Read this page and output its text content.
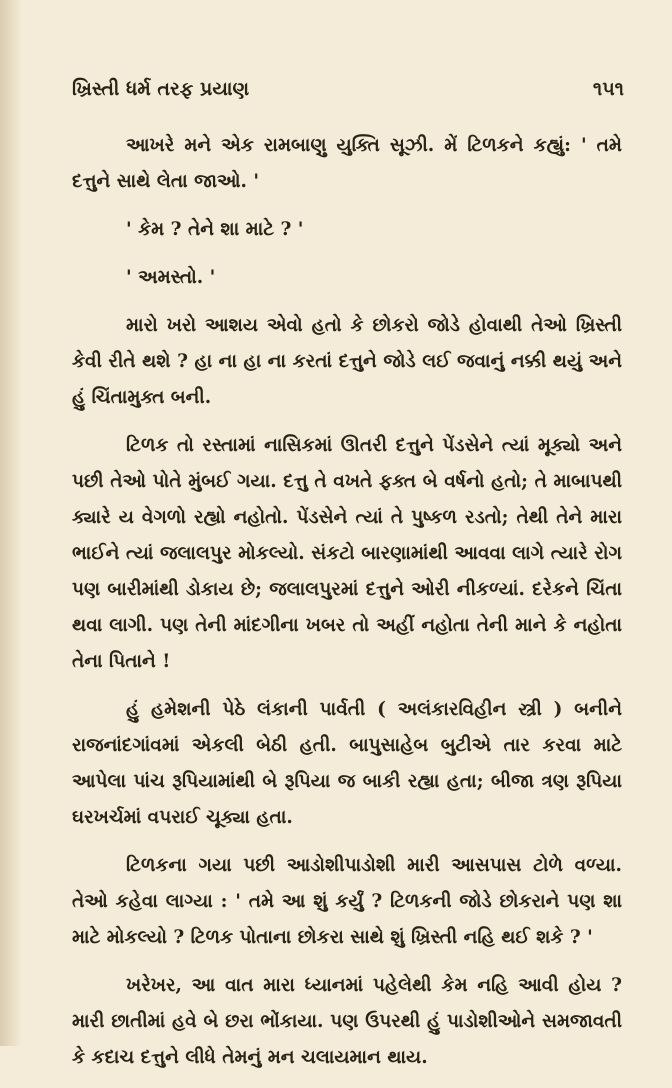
ખ્રિસ્તી ધર્મ તરફ પ્રયાણ	૧૫૧

આખરે મને એક રામબાણુ યુક્તિ સૂઝી. મેં ટિળકને કહ્યું: ' તમે દત્તુને સાથે લેતા જાઓ. '

' કેમ ? તેને શા માટે ? '

' અમસ્તો. '

મારો ખરો આશય એવો હતો કે છોકરો જોડે હોવાથી તેઓ ખ્રિસ્તી કેવી રીતે થશે ? હા ના હા ના કરતાં દત્તુને જોડે લઈ જવાનું નક્કી થયું અને હું ચિંતામુક્ત બની.

ટિળક તો રસ્તામાં નાસિકમાં ઊતરી દત્તુને પેંડસેને ત્યાં મૂક્યો અને પછી તેઓ પોતે મુંબઈ ગયા. દત્તુ તે વખતે ફક્ત બે વર્ષનો હતો; તે માબાપથી ક્યારે ય વેગળો રહ્યો નહોતો. પેંડસેને ત્યાં તે પુષ્કળ રડતો; તેથી તેને મારા ભાઈને ત્યાં જલાલપુર મોકલ્યો. સંકટો બારણામાંથી આવવા લાગે ત્યારે રોગ પણ બારીમાંથી ડોકાય છે; જલાલપુરમાં દત્તુને ઓરી નીકળ્યાં. દરેકને ચિંતા થવા લાગી. પણ તેની માંદગીના ખબર તો અહીં નહોતા તેની માને કે નહોતા તેના પિતાને !

હું હમેશની પેઠે લંકાની પાર્વતી ( અલંકારવિહીન સ્ત્રી ) બનીને રાજનાંદગાંવમાં એકલી બેઠી હતી. બાપુસાહેબ બુટીએ તાર કરવા માટે આપેલા પાંચ રૂપિયામાંથી બે રૂપિયા જ બાકી રહ્યા હતા; બીજા ત્રણ રૂપિયા ઘરખર્ચમાં વપરાઈ ચૂક્યા હતા.

ટિળકના ગયા પછી આડોશીપાડોશી મારી આસપાસ ટોળે વળ્યા. તેઓ કહેવા લાગ્યા : ' તમે આ શું કર્યું ? ટિળકની જોડે છોકરાને પણ શા માટે મોકલ્યો ? ટિળક પોતાના છોકરા સાથે શું ખ્રિસ્તી નહિ થઈ શકે ? '

ખરેખર, આ વાત મારા ધ્યાનમાં પહેલેથી કેમ નહિ આવી હોય ? મારી છાતીમાં હવે બે છરા ભોંકાયા. પણ ઉપરથી હું પાડોશીઓને સમજાવતી કે કદાચ દત્તુને લીધે તેમનું મન ચલાયમાન થાય.
